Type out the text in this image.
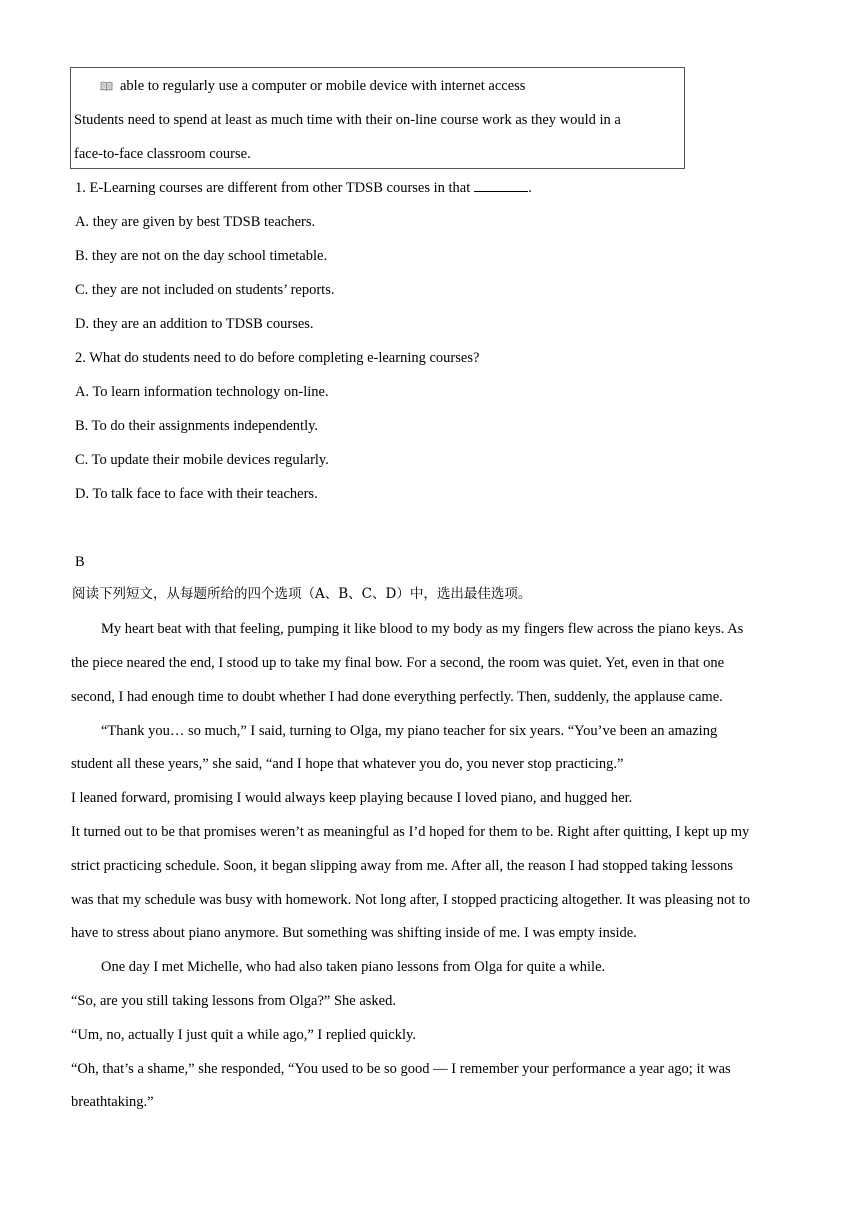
able to regularly use a computer or mobile device with internet access
Students need to spend at least as much time with their on-line course work as they would in a
face-to-face classroom course.
1. E-Learning courses are different from other TDSB courses in that	.
A. they are given by best TDSB teachers.
B. they are not on the day school timetable.
C. they are not included on students’ reports.
D. they are an addition to TDSB courses.
2. What do students need to do before completing e-learning courses?
A. To learn information technology on-line.
B. To do their assignments independently.
C. To update their mobile devices regularly.
D. To talk face to face with their teachers.
B
阅读下列短文，从每题所给的四个选项（A、B、C、D）中，选出最佳选项。
My heart beat with that feeling, pumping it like blood to my body as my fingers flew across the piano keys. As
the piece neared the end, I stood up to take my final bow. For a second, the room was quiet. Yet, even in that one
second, I had enough time to doubt whether I had done everything perfectly. Then, suddenly, the applause came.
“Thank you… so much,” I said, turning to Olga, my piano teacher for six years. “You’ve been an amazing
student all these years,” she said, “and I hope that whatever you do, you never stop practicing.”
I leaned forward, promising I would always keep playing because I loved piano, and hugged her.
It turned out to be that promises weren’t as meaningful as I’d hoped for them to be. Right after quitting, I kept up my
strict practicing schedule. Soon, it began slipping away from me. After all, the reason I had stopped taking lessons
was that my schedule was busy with homework. Not long after, I stopped practicing altogether. It was pleasing not to
have to stress about piano anymore. But something was shifting inside of me. I was empty inside.
One day I met Michelle, who had also taken piano lessons from Olga for quite a while.
“So, are you still taking lessons from Olga?” She asked.
“Um, no, actually I just quit a while ago,” I replied quickly.
“Oh, that’s a shame,” she responded, “You used to be so good — I remember your performance a year ago; it was
breathtaking.”
